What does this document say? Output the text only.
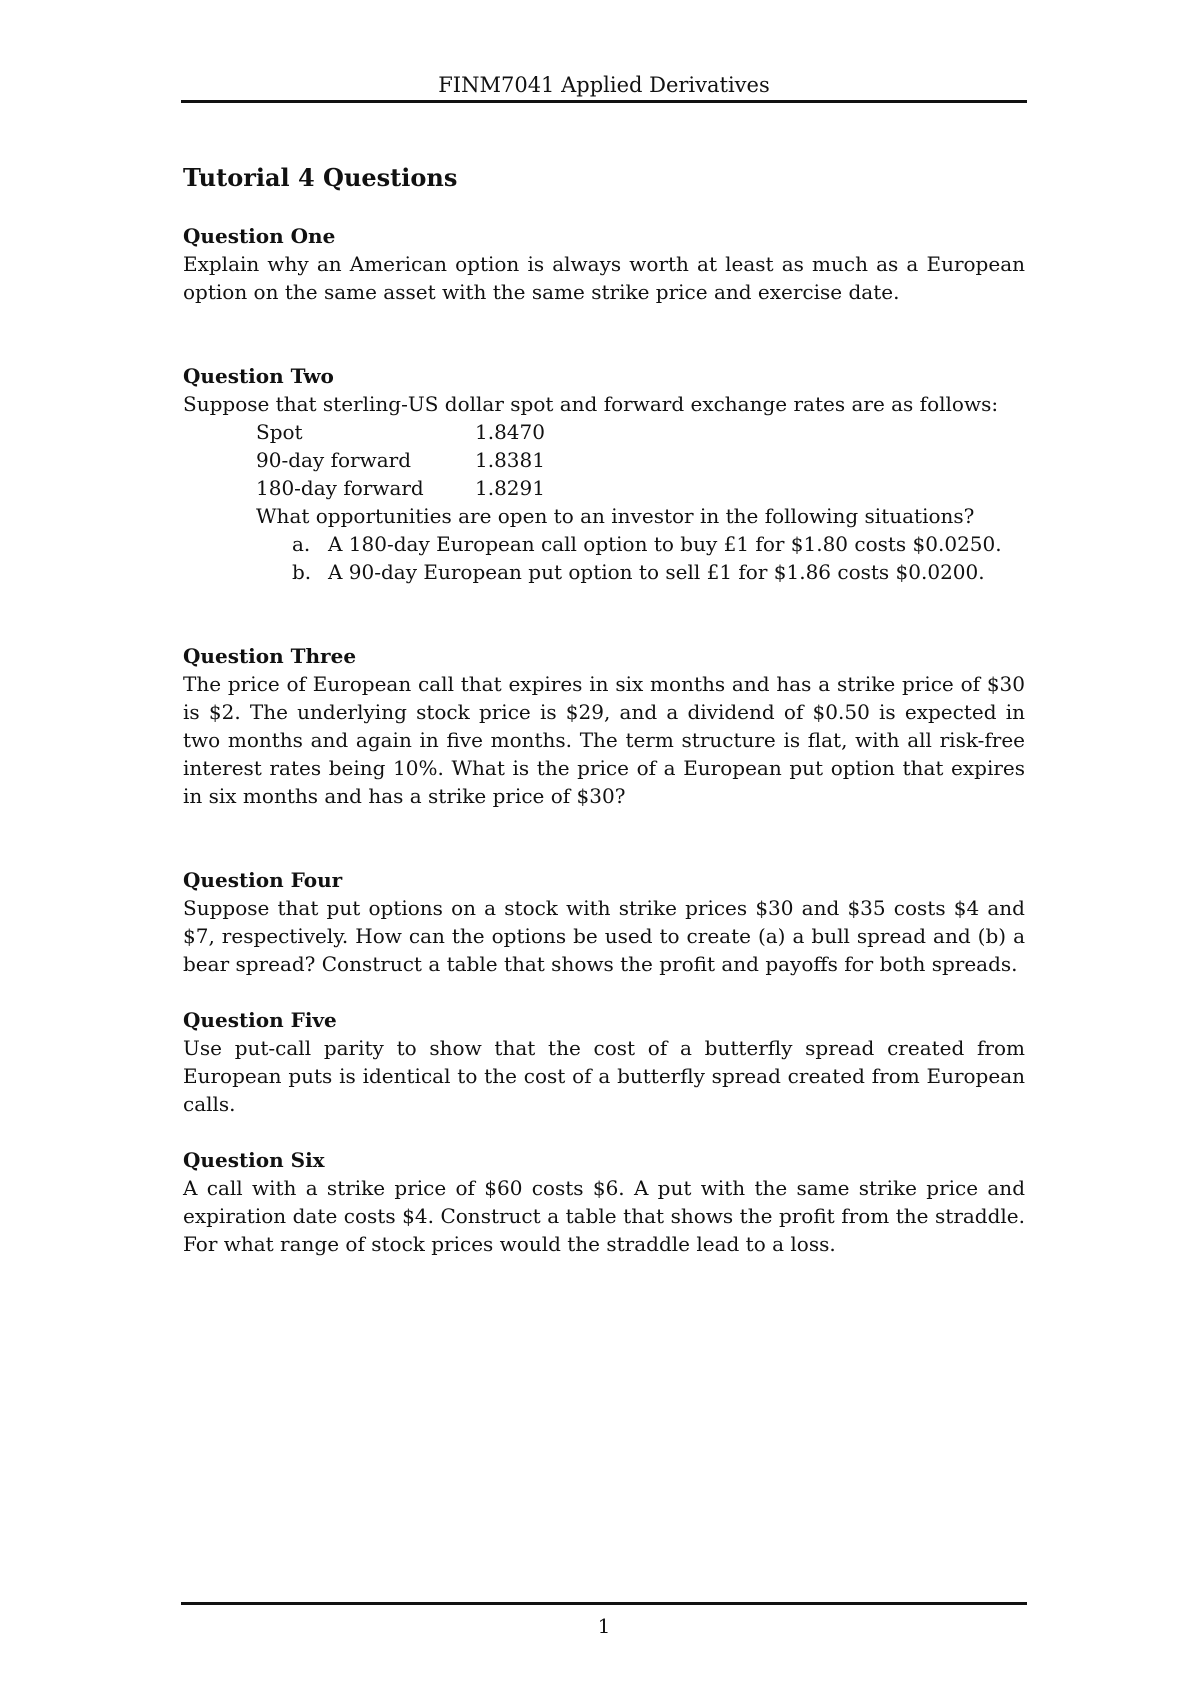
FINM7041 Applied Derivatives
Tutorial 4 Questions

Question One

Explain why an American option is always worth at least as much as a European option on the same asset with the same strike price and exercise date.

Question Two

Suppose that sterling-US dollar spot and forward exchange rates are as follows:

Spot	1.8470
90-day forward	1.8381
180-day forward	1.8291
What opportunities are open to an investor in the following situations?
a. A 180-day European call option to buy £1 for $1.80 costs $0.0250.
b. A 90-day European put option to sell £1 for $1.86 costs $0.0200.

Question Three

The price of European call that expires in six months and has a strike price of $30 is $2. The underlying stock price is $29, and a dividend of $0.50 is expected in two months and again in five months. The term structure is flat, with all risk-free interest rates being 10%. What is the price of a European put option that expires in six months and has a strike price of $30?

Question Four

Suppose that put options on a stock with strike prices $30 and $35 costs $4 and $7, respectively. How can the options be used to create (a) a bull spread and (b) a bear spread? Construct a table that shows the profit and payoffs for both spreads.

Question Five

Use put-call parity to show that the cost of a butterfly spread created from European puts is identical to the cost of a butterfly spread created from European calls.

Question Six

A call with a strike price of $60 costs $6. A put with the same strike price and expiration date costs $4. Construct a table that shows the profit from the straddle. For what range of stock prices would the straddle lead to a loss.

1
